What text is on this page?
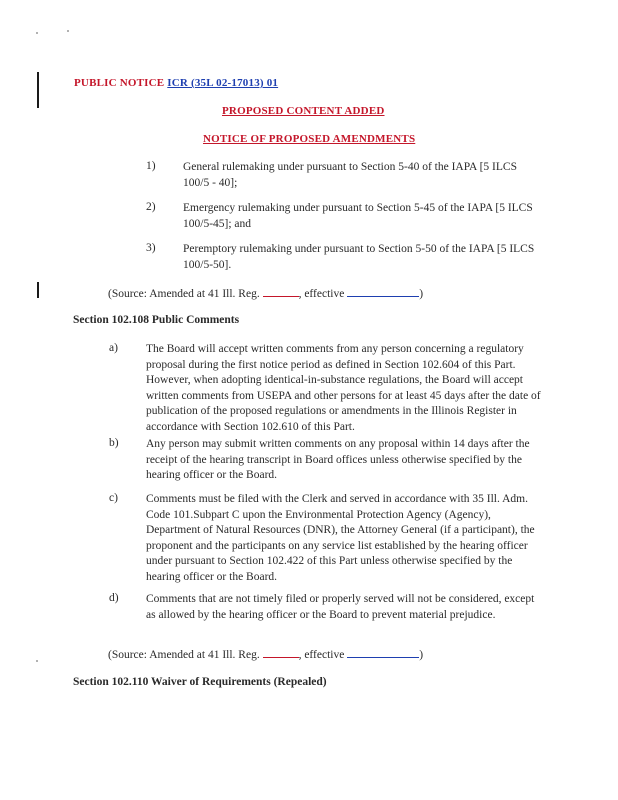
PUBLIC NOTICE ICR (35L 02-17013) 01
PROPOSED CONTENT ADDED
NOTICE OF PROPOSED AMENDMENTS
1) General rulemaking under pursuant to Section 5-40 of the IAPA [5 ILCS 100/5 - 40];
2) Emergency rulemaking under pursuant to Section 5-45 of the IAPA [5 ILCS 100/5-45]; and
3) Peremptory rulemaking under pursuant to Section 5-50 of the IAPA [5 ILCS 100/5-50].
(Source: Amended at 41 Ill. Reg.	, effective	)
Section 102.108 Public Comments
a) The Board will accept written comments from any person concerning a regulatory proposal during the first notice period as defined in Section 102.604 of this Part. However, when adopting identical-in-substance regulations, the Board will accept written comments from USEPA and other persons for at least 45 days after the date of publication of the proposed regulations or amendments in the Illinois Register in accordance with Section 102.610 of this Part.
b) Any person may submit written comments on any proposal within 14 days after the receipt of the hearing transcript in Board offices unless otherwise specified by the hearing officer or the Board.
c) Comments must be filed with the Clerk and served in accordance with 35 Ill. Adm. Code 101.Subpart C upon the Environmental Protection Agency (Agency), Department of Natural Resources (DNR), the Attorney General (if a participant), the proponent and the participants on any service list established by the hearing officer under pursuant to Section 102.422 of this Part unless otherwise specified by the hearing officer or the Board.
d) Comments that are not timely filed or properly served will not be considered, except as allowed by the hearing officer or the Board to prevent material prejudice.
(Source: Amended at 41 Ill. Reg.	, effective	)
Section 102.110 Waiver of Requirements (Repealed)
